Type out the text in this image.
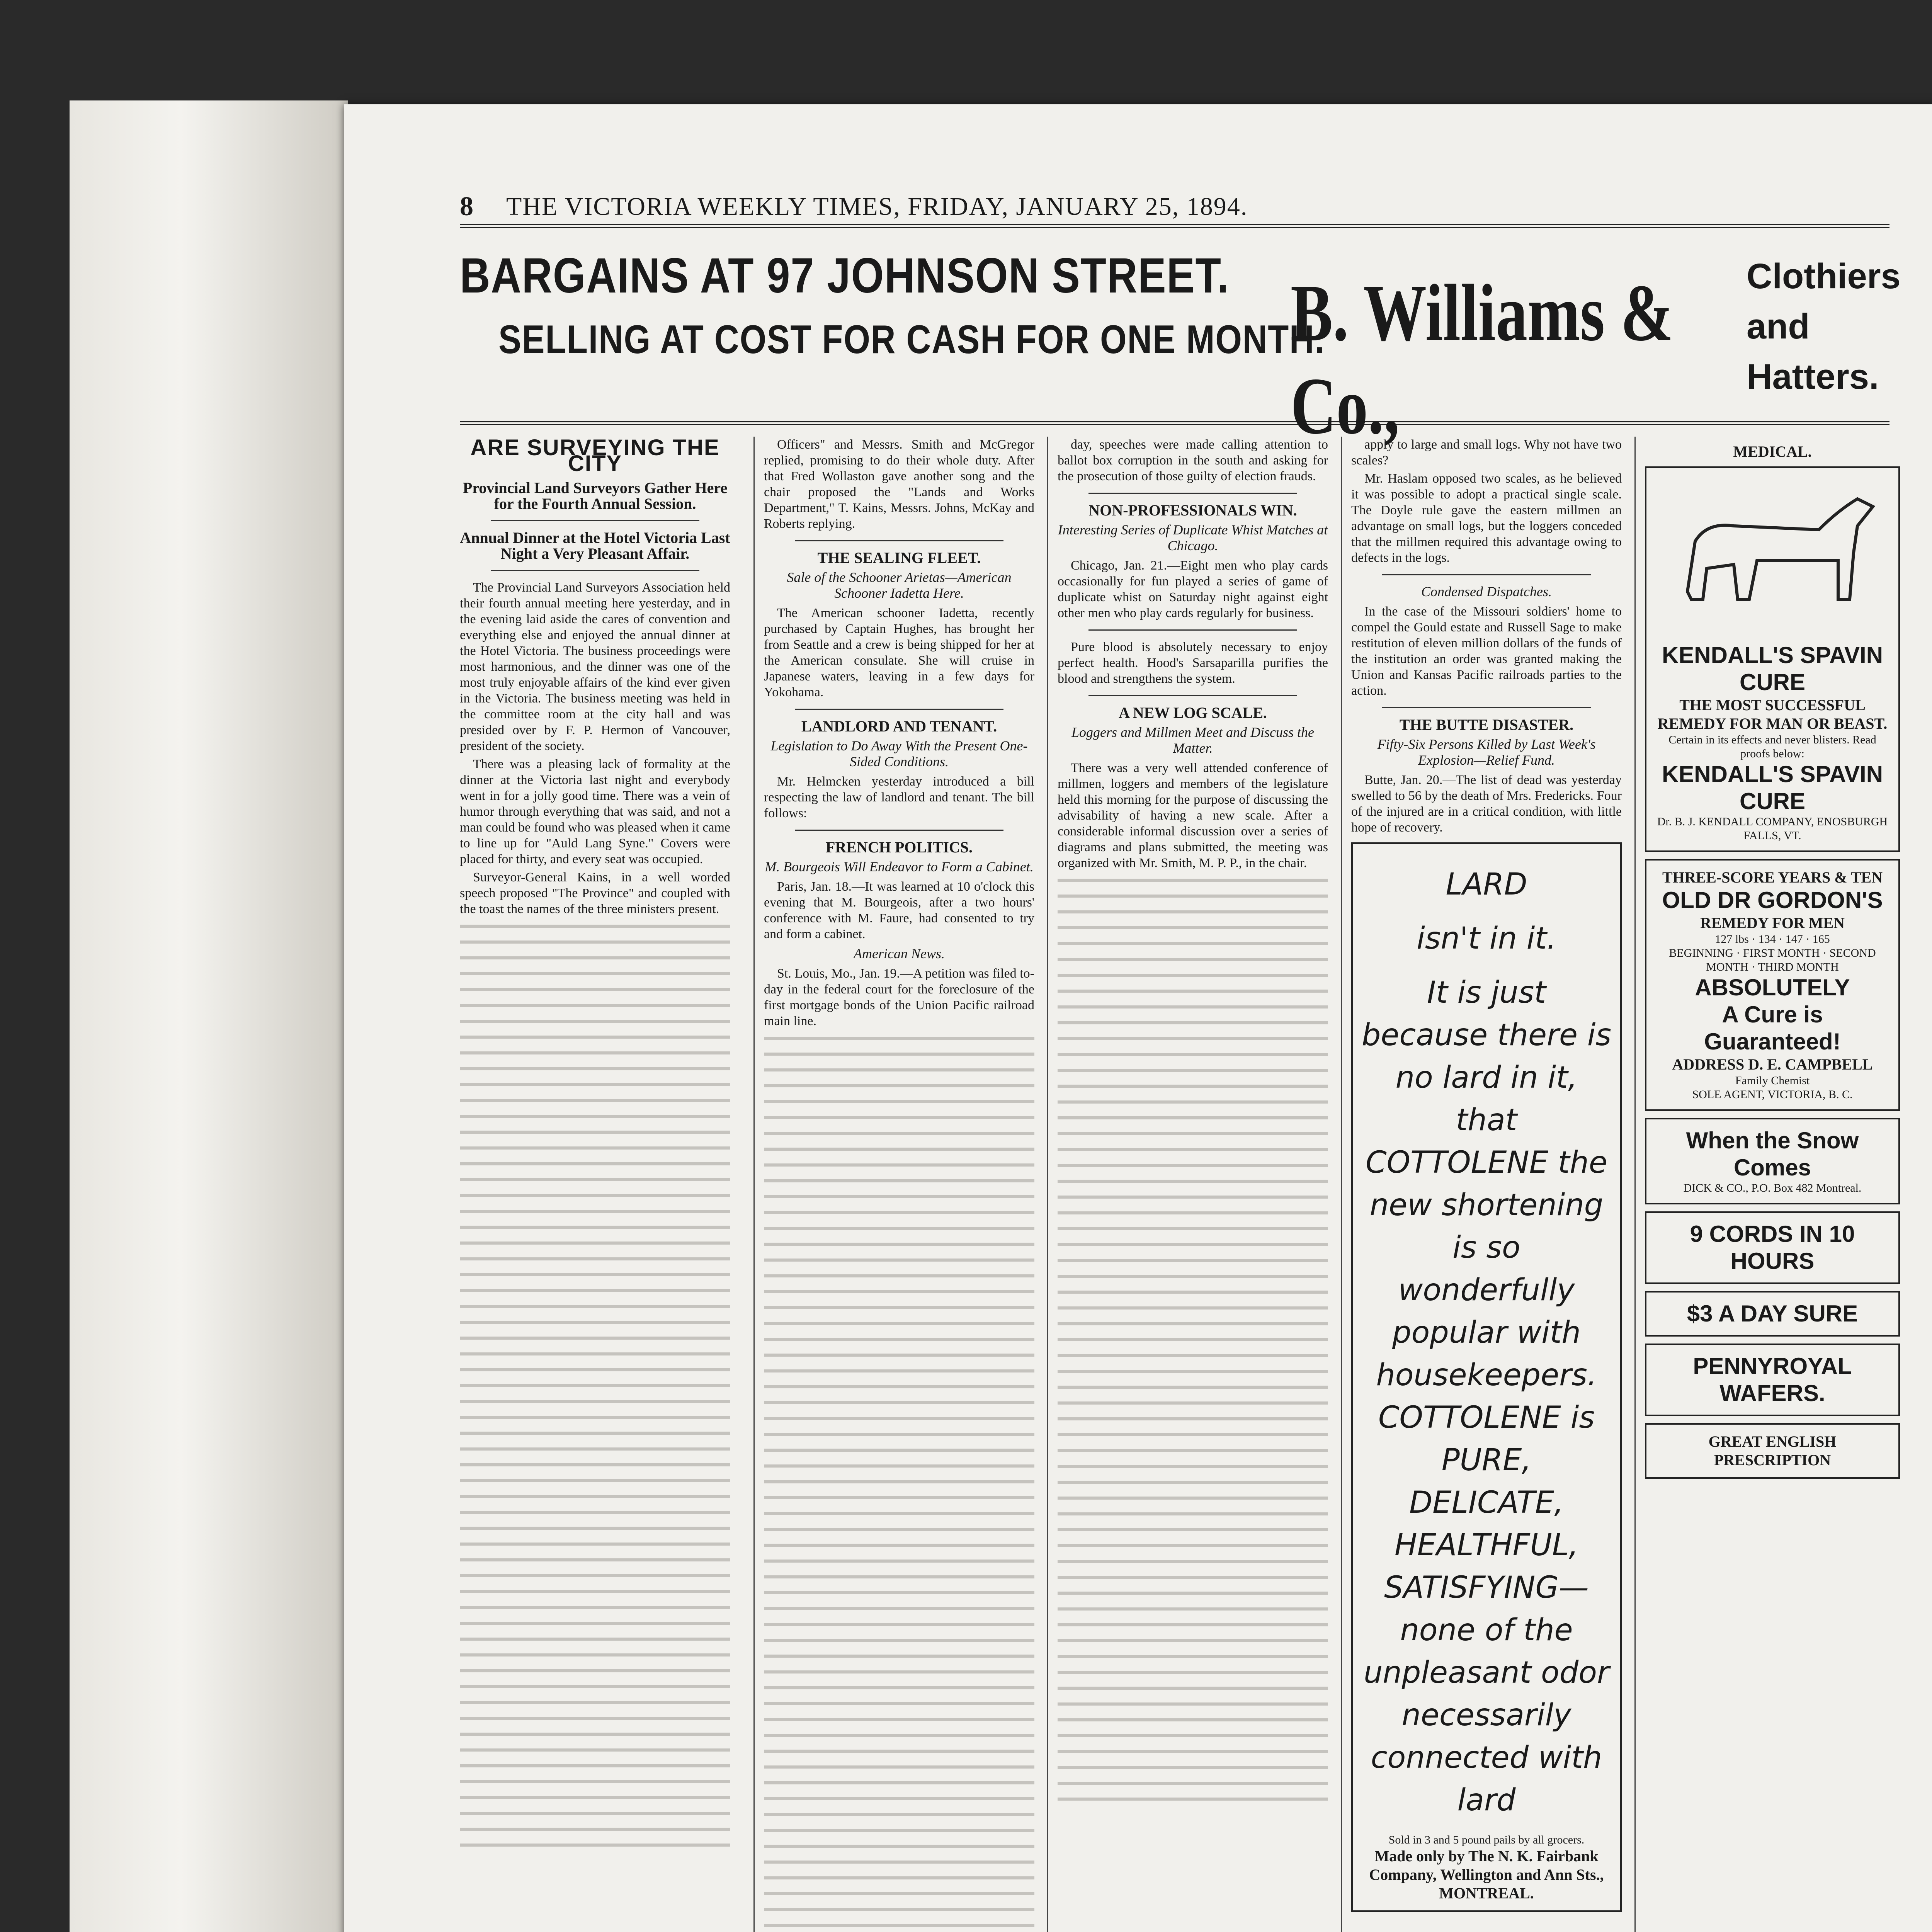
8	THE VICTORIA WEEKLY TIMES, FRIDAY, JANUARY 25, 1894.
BARGAINS AT 97 JOHNSON STREET.
SELLING AT COST FOR CASH FOR ONE MONTH.
B. Williams & Co.,
Clothiers
and Hatters.
ARE SURVEYING THE CITY
Provincial Land Surveyors Gather Here for the Fourth Annual Session.
Annual Dinner at the Hotel Victoria Last Night a Very Pleasant Affair.

The Provincial Land Surveyors Association held their fourth annual meeting here yesterday, and in the evening laid aside the cares of convention and everything else and enjoyed the annual dinner at the Hotel Victoria. The business proceedings were most harmonious, and the dinner was one of the most truly enjoyable affairs of the kind ever given in the Victoria. The business meeting was held in the committee room at the city hall and was presided over by F. P. Hermon of Vancouver, president of the society.

There was a pleasing lack of formality at the dinner at the Victoria last night and everybody went in for a jolly good time. There was a vein of humor through everything that was said, and not a man could be found who was pleased when it came to line up for "Auld Lang Syne." Covers were placed for thirty, and every seat was occupied.

Surveyor-General Kains, in a well worded speech proposed "The Province" and coupled with the toast the names of the three ministers present.

Officers" and Messrs. Smith and McGregor replied, promising to do their whole duty. After that Fred Wollaston gave another song and the chair proposed the "Lands and Works Department," T. Kains, Messrs. Johns, McKay and Roberts replying.

THE SEALING FLEET.
Sale of the Schooner Arietas—American Schooner Iadetta Here.

The American schooner Iadetta, recently purchased by Captain Hughes, has brought her from Seattle and a crew is being shipped for her at the American consulate. She will cruise in Japanese waters, leaving in a few days for Yokohama.

LANDLORD AND TENANT.
Legislation to Do Away With the Present One-Sided Conditions.

Mr. Helmcken yesterday introduced a bill respecting the law of landlord and tenant. The bill follows:

FRENCH POLITICS.
M. Bourgeois Will Endeavor to Form a Cabinet.

Paris, Jan. 18.—It was learned at 10 o'clock this evening that M. Bourgeois, after a two hours' conference with M. Faure, had consented to try and form a cabinet.

American News.

St. Louis, Mo., Jan. 19.—A petition was filed to-day in the federal court for the foreclosure of the first mortgage bonds of the Union Pacific railroad main line.

day, speeches were made calling attention to ballot box corruption in the south and asking for the prosecution of those guilty of election frauds.

NON-PROFESSIONALS WIN.
Interesting Series of Duplicate Whist Matches at Chicago.

Chicago, Jan. 21.—Eight men who play cards occasionally for fun played a series of game of duplicate whist on Saturday night against eight other men who play cards regularly for business.

Pure blood is absolutely necessary to enjoy perfect health. Hood's Sarsaparilla purifies the blood and strengthens the system.

A NEW LOG SCALE.
Loggers and Millmen Meet and Discuss the Matter.

There was a very well attended conference of millmen, loggers and members of the legislature held this morning for the purpose of discussing the advisability of having a new scale. After a considerable informal discussion over a series of diagrams and plans submitted, the meeting was organized with Mr. Smith, M. P. P., in the chair.

apply to large and small logs. Why not have two scales?

Mr. Haslam opposed two scales, as he believed it was possible to adopt a practical single scale. The Doyle rule gave the eastern millmen an advantage on small logs, but the loggers conceded that the millmen required this advantage owing to defects in the logs.

Condensed Dispatches.

In the case of the Missouri soldiers' home to compel the Gould estate and Russell Sage to make restitution of eleven million dollars of the funds of the institution an order was granted making the Union and Kansas Pacific railroads parties to the action.

THE BUTTE DISASTER.
Fifty-Six Persons Killed by Last Week's Explosion—Relief Fund.

Butte, Jan. 20.—The list of dead was yesterday swelled to 56 by the death of Mrs. Fredericks. Four of the injured are in a critical condition, with little hope of recovery.

LARD
isn't in it.
It is just because there is no lard in it, that COTTOLENE the new shortening is so wonderfully popular with housekeepers. COTTOLENE is PURE, DELICATE, HEALTHFUL, SATISFYING—none of the unpleasant odor necessarily connected with lard
Sold in 3 and 5 pound pails by all grocers.
Made only by The N. K. Fairbank Company, Wellington and Ann Sts., MONTREAL.
MEDICAL.
KENDALL'S SPAVIN CURE
THE MOST SUCCESSFUL REMEDY FOR MAN OR BEAST.
Certain in its effects and never blisters. Read proofs below:
KENDALL'S SPAVIN CURE
Dr. B. J. KENDALL COMPANY, ENOSBURGH FALLS, VT.
THREE-SCORE YEARS & TEN
OLD DR GORDON'S
REMEDY FOR MEN
127 lbs · 134 · 147 · 165
BEGINNING · FIRST MONTH · SECOND MONTH · THIRD MONTH
ABSOLUTELY
A Cure is Guaranteed!
ADDRESS D. E. CAMPBELL
Family Chemist
SOLE AGENT, VICTORIA, B. C.
When the Snow Comes
DICK & CO., P.O. Box 482 Montreal.
9 CORDS IN 10 HOURS
$3 A DAY SURE
PENNYROYAL WAFERS.
GREAT ENGLISH PRESCRIPTION
